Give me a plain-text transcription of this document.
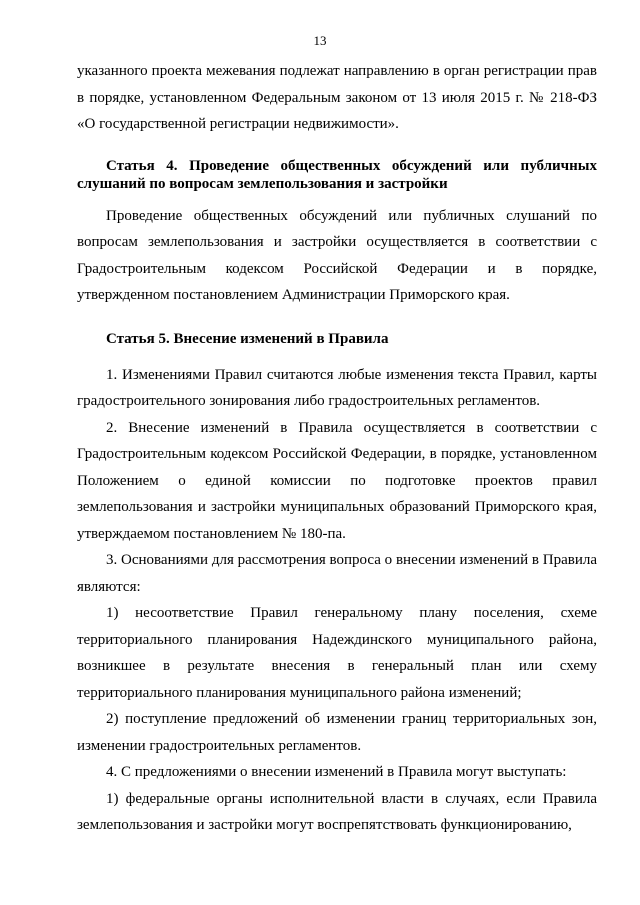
13

указанного проекта межевания подлежат направлению в орган регистрации прав в порядке, установленном Федеральным законом от 13 июля 2015 г. № 218-ФЗ «О государственной регистрации недвижимости».

Статья 4. Проведение общественных обсуждений или публичных слушаний по вопросам землепользования и застройки

Проведение общественных обсуждений или публичных слушаний по вопросам землепользования и застройки осуществляется в соответствии с Градостроительным кодексом Российской Федерации и в порядке, утвержденном постановлением Администрации Приморского края.

Статья 5. Внесение изменений в Правила

1. Изменениями Правил считаются любые изменения текста Правил, карты градостроительного зонирования либо градостроительных регламентов.

2. Внесение изменений в Правила осуществляется в соответствии с Градостроительным кодексом Российской Федерации, в порядке, установленном Положением о единой комиссии по подготовке проектов правил землепользования и застройки муниципальных образований Приморского края, утверждаемом постановлением № 180-па.

3. Основаниями для рассмотрения вопроса о внесении изменений в Правила являются:

1) несоответствие Правил генеральному плану поселения, схеме территориального планирования Надеждинского муниципального района, возникшее в результате внесения в генеральный план или схему территориального планирования муниципального района изменений;

2) поступление предложений об изменении границ территориальных зон, изменении градостроительных регламентов.

4. С предложениями о внесении изменений в Правила могут выступать:

1) федеральные органы исполнительной власти в случаях, если Правила землепользования и застройки могут воспрепятствовать функционированию,
